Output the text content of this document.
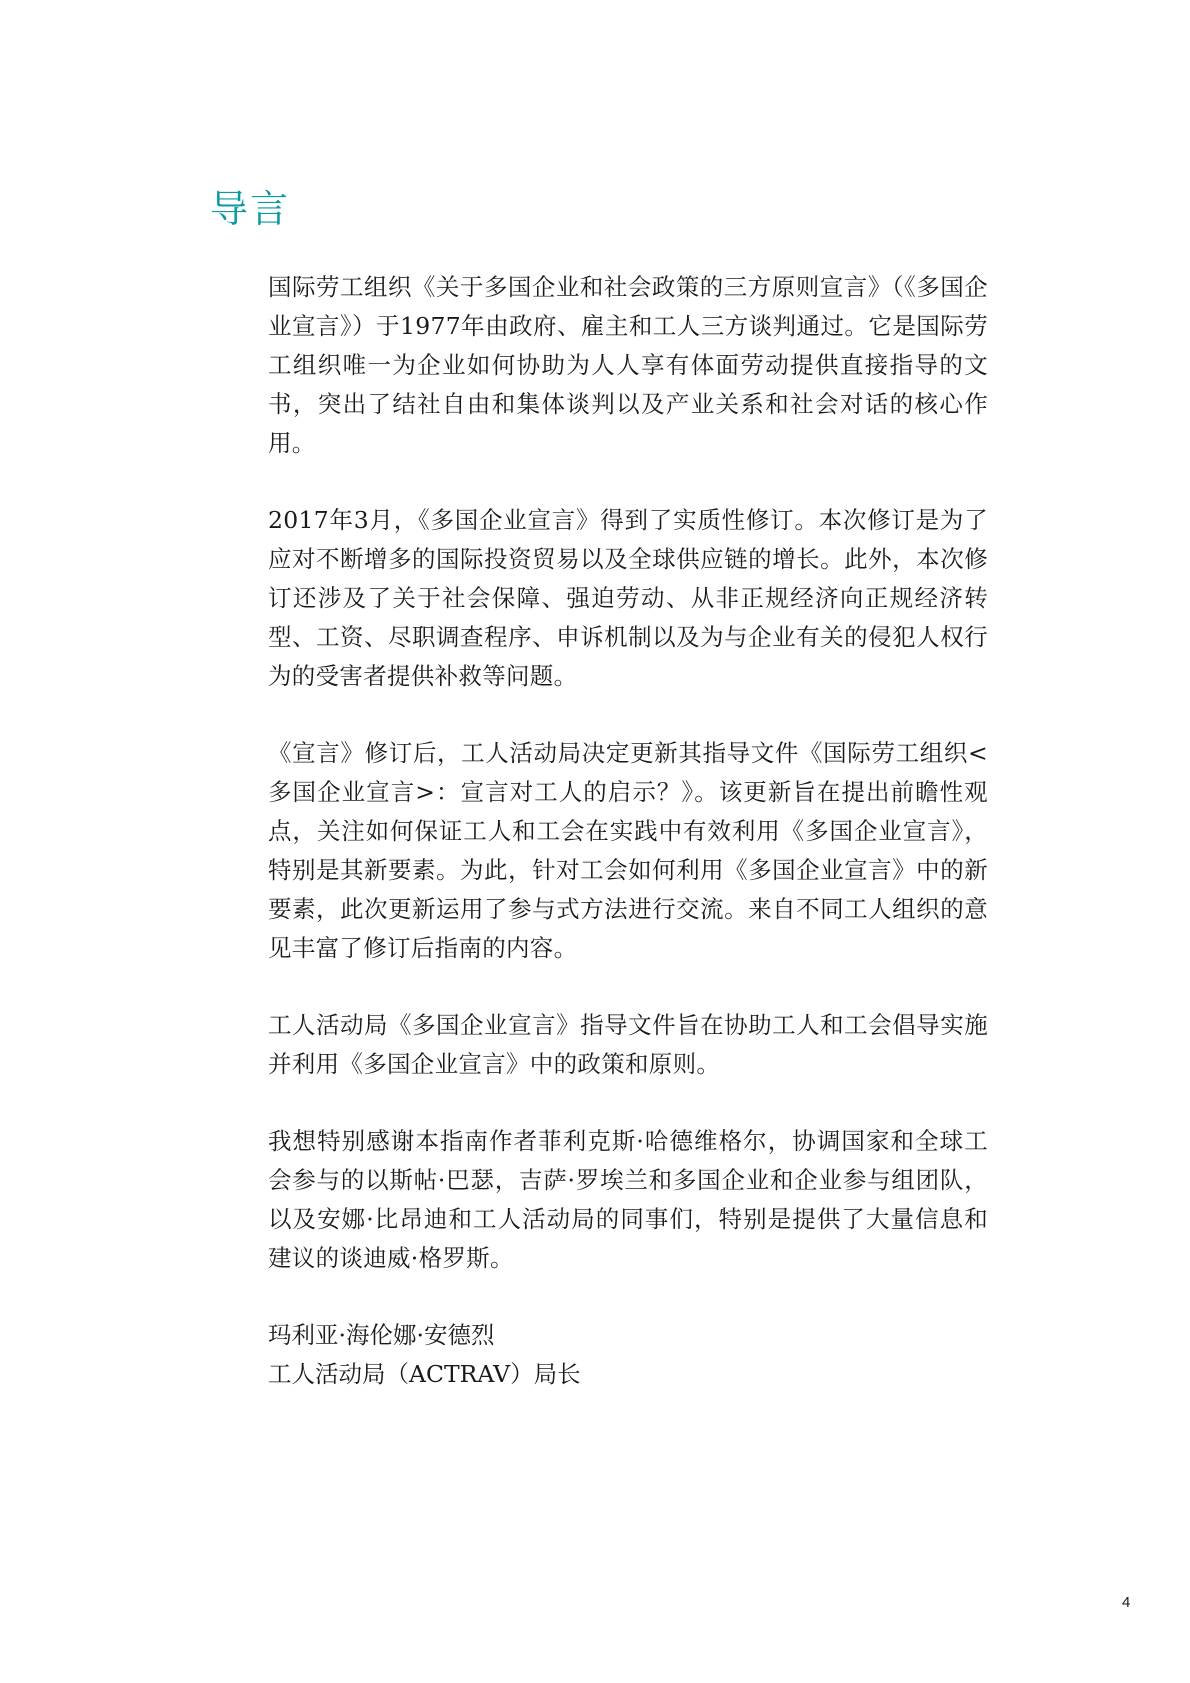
导言

国际劳工组织《关于多国企业和社会政策的三方原则宣言》（《多国企业宣言》）于1977年由政府、雇主和工人三方谈判通过。它是国际劳工组织唯一为企业如何协助为人人享有体面劳动提供直接指导的文书，突出了结社自由和集体谈判以及产业关系和社会对话的核心作用。

2017年3月，《多国企业宣言》得到了实质性修订。本次修订是为了应对不断增多的国际投资贸易以及全球供应链的增长。此外，本次修订还涉及了关于社会保障、强迫劳动、从非正规经济向正规经济转型、工资、尽职调查程序、申诉机制以及为与企业有关的侵犯人权行为的受害者提供补救等问题。

《宣言》修订后，工人活动局决定更新其指导文件《国际劳工组织<多国企业宣言>：宣言对工人的启示？》。该更新旨在提出前瞻性观点，关注如何保证工人和工会在实践中有效利用《多国企业宣言》，特别是其新要素。为此，针对工会如何利用《多国企业宣言》中的新要素，此次更新运用了参与式方法进行交流。来自不同工人组织的意见丰富了修订后指南的内容。

工人活动局《多国企业宣言》指导文件旨在协助工人和工会倡导实施并利用《多国企业宣言》中的政策和原则。

我想特别感谢本指南作者菲利克斯·哈德维格尔，协调国家和全球工会参与的以斯帖·巴瑟，吉萨·罗埃兰和多国企业和企业参与组团队，以及安娜·比昂迪和工人活动局的同事们，特别是提供了大量信息和建议的谈迪威·格罗斯。

玛利亚·海伦娜·安德烈
工人活动局（ACTRAV）局长
4
